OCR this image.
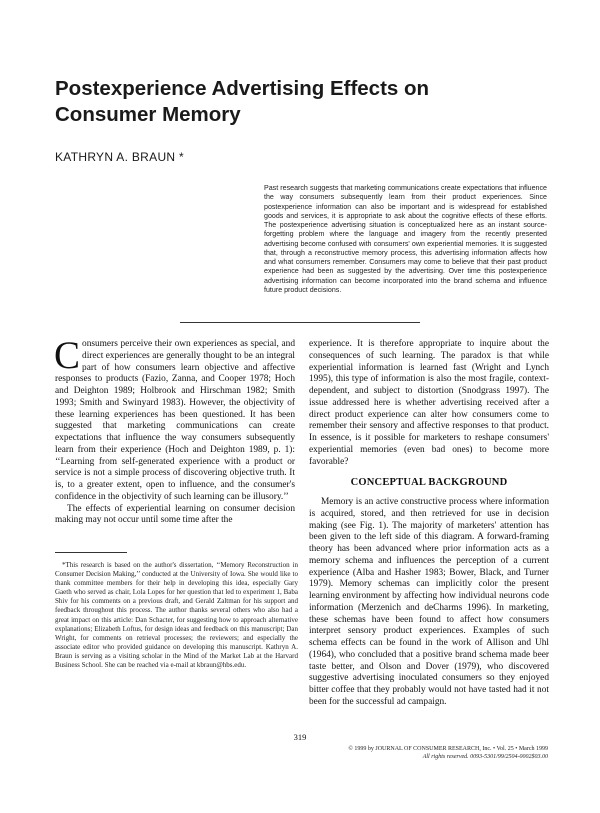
Postexperience Advertising Effects on Consumer Memory
KATHRYN A. BRAUN *

Past research suggests that marketing communications create expectations that influence the way consumers subsequently learn from their product experiences. Since postexperience information can also be important and is widespread for established goods and services, it is appropriate to ask about the cognitive effects of these efforts. The postexperience advertising situation is conceptualized here as an instant source-forgetting problem where the language and imagery from the recently presented advertising become confused with consumers' own experiential memories. It is suggested that, through a reconstructive memory process, this advertising information affects how and what consumers remember. Consumers may come to believe that their past product experience had been as suggested by the advertising. Over time this postexperience advertising information can become incorporated into the brand schema and influence future product decisions.

Consumers perceive their own experiences as special, and direct experiences are generally thought to be an integral part of how consumers learn objective and affective responses to products (Fazio, Zanna, and Cooper 1978; Hoch and Deighton 1989; Holbrook and Hirschman 1982; Smith 1993; Smith and Swinyard 1983). However, the objectivity of these learning experiences has been questioned. It has been suggested that marketing communications can create expectations that influence the way consumers subsequently learn from their experience (Hoch and Deighton 1989, p. 1): ‘‘Learning from self-generated experience with a product or service is not a simple process of discovering objective truth. It is, to a greater extent, open to influence, and the consumer's confidence in the objectivity of such learning can be illusory.’’

The effects of experiential learning on consumer decision making may not occur until some time after the

experience. It is therefore appropriate to inquire about the consequences of such learning. The paradox is that while experiential information is learned fast (Wright and Lynch 1995), this type of information is also the most fragile, context-dependent, and subject to distortion (Snodgrass 1997). The issue addressed here is whether advertising received after a direct product experience can alter how consumers come to remember their sensory and affective responses to that product. In essence, is it possible for marketers to reshape consumers' experiential memories (even bad ones) to become more favorable?

CONCEPTUAL BACKGROUND

Memory is an active constructive process where information is acquired, stored, and then retrieved for use in decision making (see Fig. 1). The majority of marketers' attention has been given to the left side of this diagram. A forward-framing theory has been advanced where prior information acts as a memory schema and influences the perception of a current experience (Alba and Hasher 1983; Bower, Black, and Turner 1979). Memory schemas can implicitly color the present learning environment by affecting how individual neurons code information (Merzenich and deCharms 1996). In marketing, these schemas have been found to affect how consumers interpret sensory product experiences. Examples of such schema effects can be found in the work of Allison and Uhl (1964), who concluded that a positive brand schema made beer taste better, and Olson and Dover (1979), who discovered suggestive advertising inoculated consumers so they enjoyed bitter coffee that they probably would not have tasted had it not been for the successful ad campaign.

*This research is based on the author's dissertation, ‘‘Memory Reconstruction in Consumer Decision Making,’’ conducted at the University of Iowa. She would like to thank committee members for their help in developing this idea, especially Gary Gaeth who served as chair, Lola Lopes for her question that led to experiment 1, Baba Shiv for his comments on a previous draft, and Gerald Zaltman for his support and feedback throughout this process. The author thanks several others who also had a great impact on this article: Dan Schacter, for suggesting how to approach alternative explanations; Elizabeth Loftus, for design ideas and feedback on this manuscript; Dan Wright, for comments on retrieval processes; the reviewers; and especially the associate editor who provided guidance on developing this manuscript. Kathryn A. Braun is serving as a visiting scholar in the Mind of the Market Lab at the Harvard Business School. She can be reached via e-mail at kbraun@hbs.edu.

319
© 1999 by JOURNAL OF CONSUMER RESEARCH, Inc. • Vol. 25 • March 1999
All rights reserved. 0093-5301/99/2504-0002$03.00
